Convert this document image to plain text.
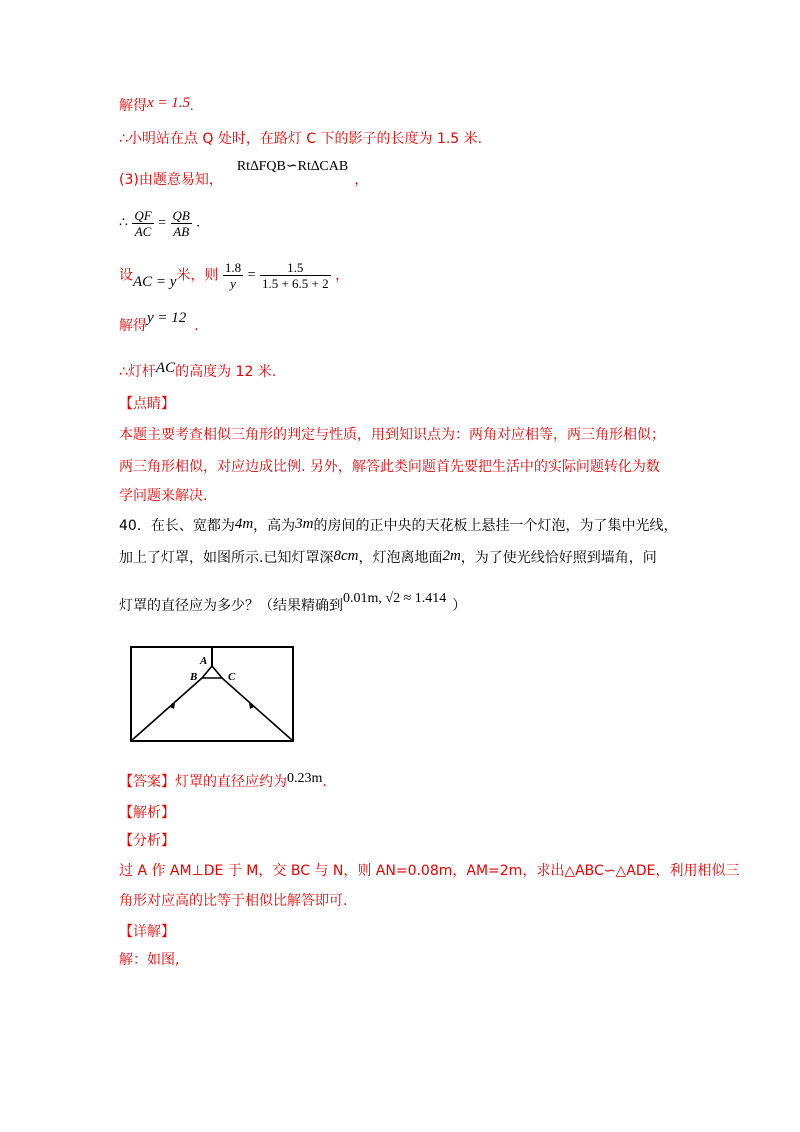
解得x = 1.5.
∴小明站在点 Q 处时，在路灯 C 下的影子的长度为 1.5 米.
(3)由题意易知，Rt∆FQB∽Rt∆CAB，
∴ $\frac{QF}{AC} = \frac{QB}{AB}$ .
设AC = y米，则 $\frac{1.8}{y} = \frac{1.5}{1.5 + 6.5 + 2}$ ，
解得y = 12 .
∴灯杆AC的高度为 12 米.
【点睛】
本题主要考查相似三角形的判定与性质，用到知识点为：两角对应相等，两三角形相似；
两三角形相似，对应边成比例. 另外，解答此类问题首先要把生活中的实际问题转化为数
学问题来解决.
40．在长、宽都为4m，高为3m的房间的正中央的天花板上悬挂一个灯泡，为了集中光线，
加上了灯罩，如图所示.已知灯罩深8cm，灯泡离地面2m，为了使光线恰好照到墙角，问
灯罩的直径应为多少？（结果精确到0.01m, √2 ≈ 1.414 ）
A
B	C
【答案】灯罩的直径应约为0.23m.
【解析】
【分析】
过 A 作 AM⊥DE 于 M，交 BC 与 N，则 AN=0.08m，AM=2m，求出△ABC∽△ADE，利用相似三
角形对应高的比等于相似比解答即可.
【详解】
解：如图,
